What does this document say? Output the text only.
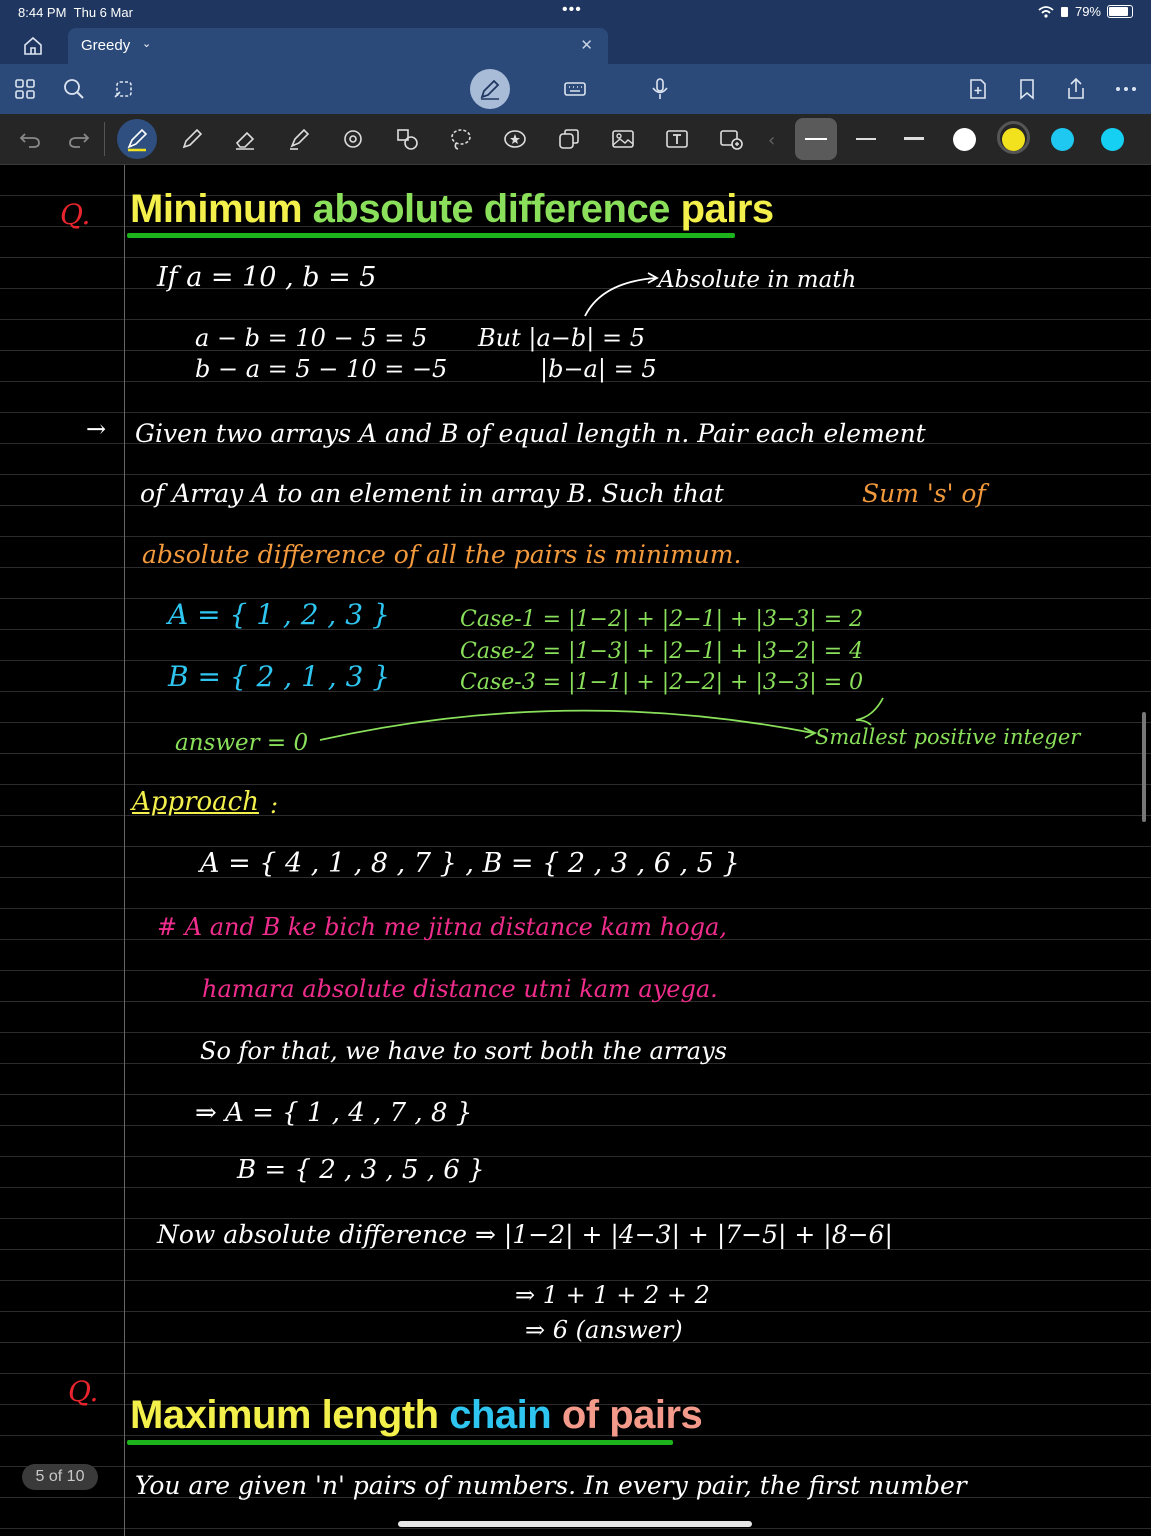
8:44 PM Thu 6 Mar	•••	79%
Greedy ⌄	✕
‹
Q. Minimum absolute difference pairs
If a = 10 , b = 5	Absolute in math
a − b = 10 − 5 = 5
b − a = 5 − 10 = −5
But |a−b| = 5
|b−a| = 5
→ Given two arrays A and B of equal length n. Pair each element
of Array A to an element in array B. Such that	Sum 's' of
absolute difference of all the pairs is minimum.
A = { 1 , 2 , 3 }
B = { 2 , 1 , 3 }
Case-1 = |1−2| + |2−1| + |3−3| = 2
Case-2 = |1−3| + |2−1| + |3−2| = 4
Case-3 = |1−1| + |2−2| + |3−3| = 0
answer = 0	Smallest positive integer
Approach :
A = { 4 , 1 , 8 , 7 } , B = { 2 , 3 , 6 , 5 }
# A and B ke bich me jitna distance kam hoga,
hamara absolute distance utni kam ayega.
So for that, we have to sort both the arrays
⇒ A = { 1 , 4 , 7 , 8 }
B = { 2 , 3 , 5 , 6 }
Now absolute difference ⇒ |1−2| + |4−3| + |7−5| + |8−6|
⇒ 1 + 1 + 2 + 2
⇒ 6 (answer)
Q.
Maximum length chain of pairs
You are given 'n' pairs of numbers. In every pair, the first number
5 of 10
